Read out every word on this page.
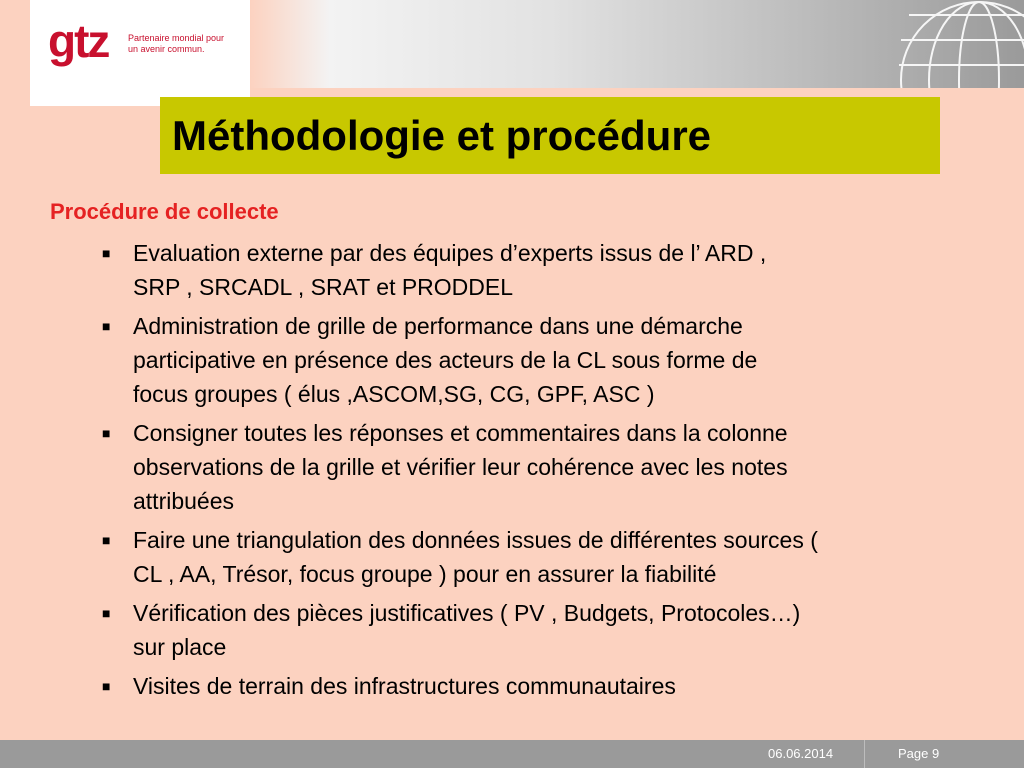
gtz Partenaire mondial pour
un avenir commun.
Méthodologie et procédure
Procédure de collecte
■ Evaluation externe par des équipes d’experts issus de l’ ARD ,
SRP , SRCADL , SRAT et PRODDEL
■ Administration de grille de performance dans une démarche
participative en présence des acteurs de la CL sous forme de
focus groupes ( élus ,ASCOM,SG, CG, GPF, ASC )
■ Consigner toutes les réponses et commentaires dans la colonne
observations de la grille et vérifier leur cohérence avec les notes
attribuées
■ Faire une triangulation des données issues de différentes sources (
CL , AA, Trésor, focus groupe ) pour en assurer la fiabilité
■ Vérification des pièces justificatives ( PV , Budgets, Protocoles…)
sur place
■ Visites de terrain des infrastructures communautaires
06.06.2014	Page 9
